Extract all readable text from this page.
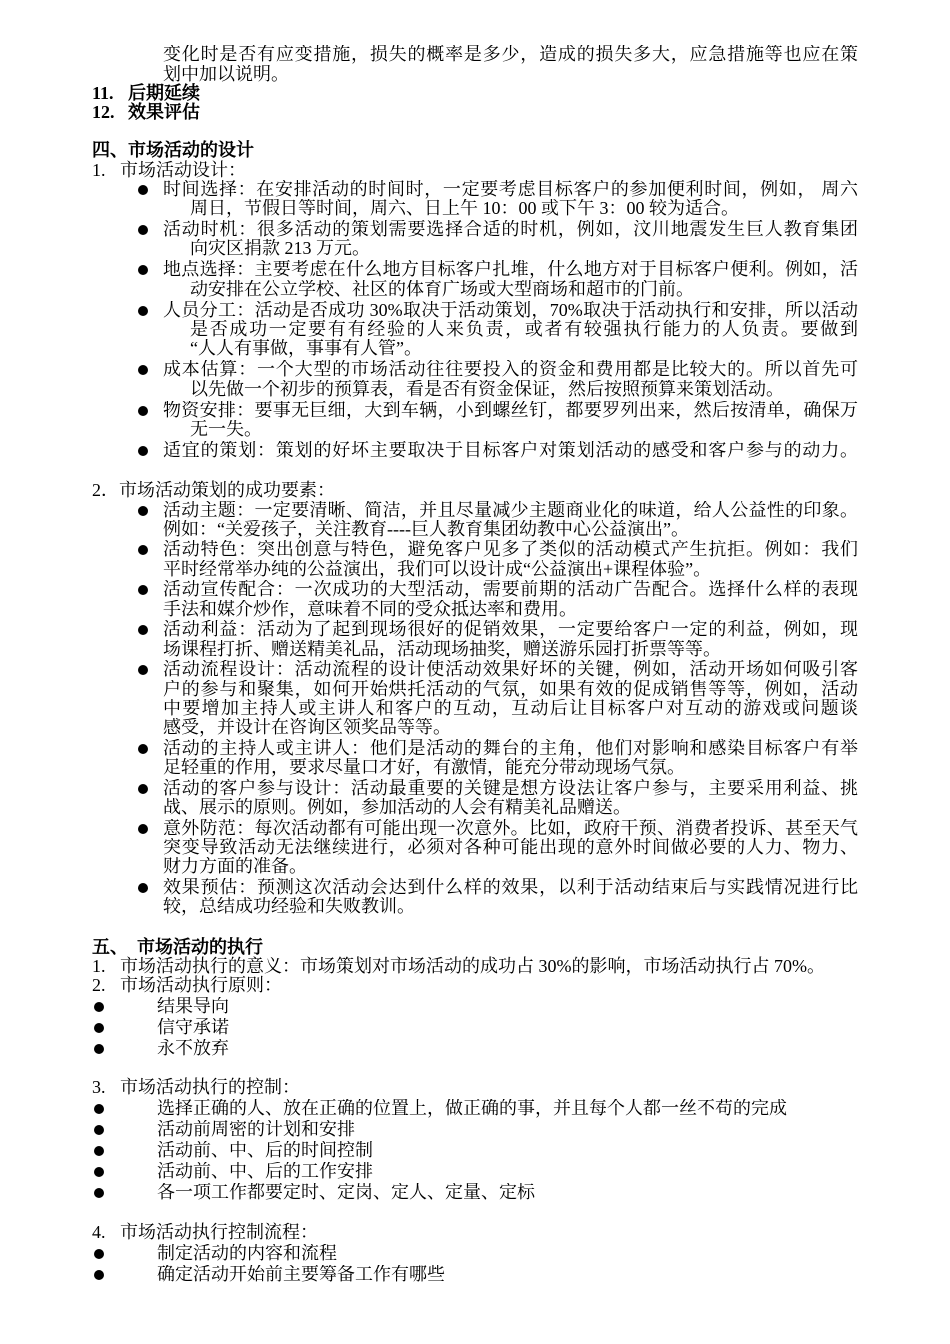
变化时是否有应变措施，损失的概率是多少，造成的损失多大，应急措施等也应在策
划中加以说明。
11. 后期延续
12. 效果评估
四、市场活动的设计
1. 市场活动设计：
时间选择：在安排活动的时间时，一定要考虑目标客户的参加便利时间，例如， 周六
周日，节假日等时间，周六、日上午 10：00 或下午 3：00 较为适合。
活动时机：很多活动的策划需要选择合适的时机，例如，汶川地震发生巨人教育集团
向灾区捐款 213 万元。
地点选择：主要考虑在什么地方目标客户扎堆，什么地方对于目标客户便利。例如，活
动安排在公立学校、社区的体育广场或大型商场和超市的门前。
人员分工：活动是否成功 30%取决于活动策划，70%取决于活动执行和安排，所以活动
是否成功一定要有有经验的人来负责，或者有较强执行能力的人负责。要做到
“人人有事做，事事有人管”。
成本估算：一个大型的市场活动往往要投入的资金和费用都是比较大的。所以首先可
以先做一个初步的预算表，看是否有资金保证，然后按照预算来策划活动。
物资安排：要事无巨细，大到车辆，小到螺丝钉，都要罗列出来，然后按清单，确保万
无一失。
适宜的策划：策划的好坏主要取决于目标客户对策划活动的感受和客户参与的动力。
2．市场活动策划的成功要素：
活动主题：一定要清晰、简洁，并且尽量减少主题商业化的味道，给人公益性的印象。
例如：“关爱孩子，关注教育----巨人教育集团幼教中心公益演出”。
活动特色：突出创意与特色，避免客户见多了类似的活动模式产生抗拒。例如：我们
平时经常举办纯的公益演出，我们可以设计成“公益演出+课程体验”。
活动宣传配合：一次成功的大型活动，需要前期的活动广告配合。选择什么样的表现
手法和媒介炒作，意味着不同的受众抵达率和费用。
活动利益：活动为了起到现场很好的促销效果，一定要给客户一定的利益，例如，现
场课程打折、赠送精美礼品，活动现场抽奖，赠送游乐园打折票等等。
活动流程设计：活动流程的设计使活动效果好坏的关键，例如，活动开场如何吸引客
户的参与和聚集，如何开始烘托活动的气氛，如果有效的促成销售等等，例如，活动
中要增加主持人或主讲人和客户的互动，互动后让目标客户对互动的游戏或问题谈
感受，并设计在咨询区领奖品等等。
活动的主持人或主讲人：他们是活动的舞台的主角，他们对影响和感染目标客户有举
足轻重的作用，要求尽量口才好，有激情，能充分带动现场气氛。
活动的客户参与设计：活动最重要的关键是想方设法让客户参与，主要采用利益、挑
战、展示的原则。例如，参加活动的人会有精美礼品赠送。
意外防范：每次活动都有可能出现一次意外。比如，政府干预、消费者投诉、甚至天气
突变导致活动无法继续进行，必须对各种可能出现的意外时间做必要的人力、物力、
财力方面的准备。
效果预估：预测这次活动会达到什么样的效果，以利于活动结束后与实践情况进行比
较，总结成功经验和失败教训。
五、  市场活动的执行
1. 市场活动执行的意义：市场策划对市场活动的成功占 30%的影响，市场活动执行占 70%。
2. 市场活动执行原则：
结果导向
信守承诺
永不放弃
3. 市场活动执行的控制：
选择正确的人、放在正确的位置上，做正确的事，并且每个人都一丝不苟的完成
活动前周密的计划和安排
活动前、中、后的时间控制
活动前、中、后的工作安排
各一项工作都要定时、定岗、定人、定量、定标
4. 市场活动执行控制流程：
制定活动的内容和流程
确定活动开始前主要筹备工作有哪些
